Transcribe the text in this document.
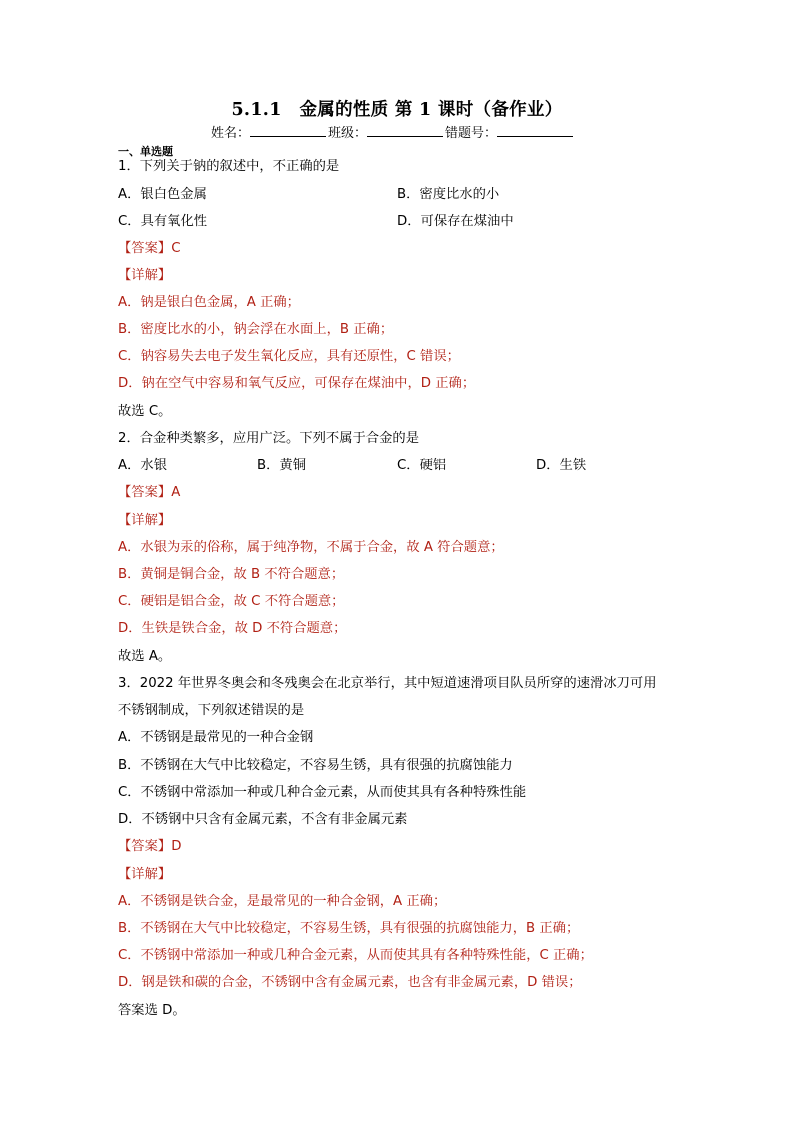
5.1.1　金属的性质 第 1 课时（备作业）
姓名：	班级：	错题号：
一、单选题
1．下列关于钠的叙述中，不正确的是
A．银白色金属	B．密度比水的小
C．具有氧化性	D．可保存在煤油中
【答案】C
【详解】
A．钠是银白色金属，A 正确；
B．密度比水的小，钠会浮在水面上，B 正确；
C．钠容易失去电子发生氧化反应，具有还原性，C 错误；
D．钠在空气中容易和氧气反应，可保存在煤油中，D 正确；
故选 C。
2．合金种类繁多，应用广泛。下列不属于合金的是
A．水银	B．黄铜	C．硬铝	D．生铁
【答案】A
【详解】
A．水银为汞的俗称，属于纯净物，不属于合金，故 A 符合题意；
B．黄铜是铜合金，故 B 不符合题意；
C．硬铝是铝合金，故 C 不符合题意；
D．生铁是铁合金，故 D 不符合题意；
故选 A。
3．2022 年世界冬奥会和冬残奥会在北京举行，其中短道速滑项目队员所穿的速滑冰刀可用
不锈钢制成，下列叙述错误的是
A．不锈钢是最常见的一种合金钢
B．不锈钢在大气中比较稳定，不容易生锈，具有很强的抗腐蚀能力
C．不锈钢中常添加一种或几种合金元素，从而使其具有各种特殊性能
D．不锈钢中只含有金属元素，不含有非金属元素
【答案】D
【详解】
A．不锈钢是铁合金，是最常见的一种合金钢，A 正确；
B．不锈钢在大气中比较稳定，不容易生锈，具有很强的抗腐蚀能力，B 正确；
C．不锈钢中常添加一种或几种合金元素，从而使其具有各种特殊性能，C 正确；
D．钢是铁和碳的合金，不锈钢中含有金属元素，也含有非金属元素，D 错误；
答案选 D。
